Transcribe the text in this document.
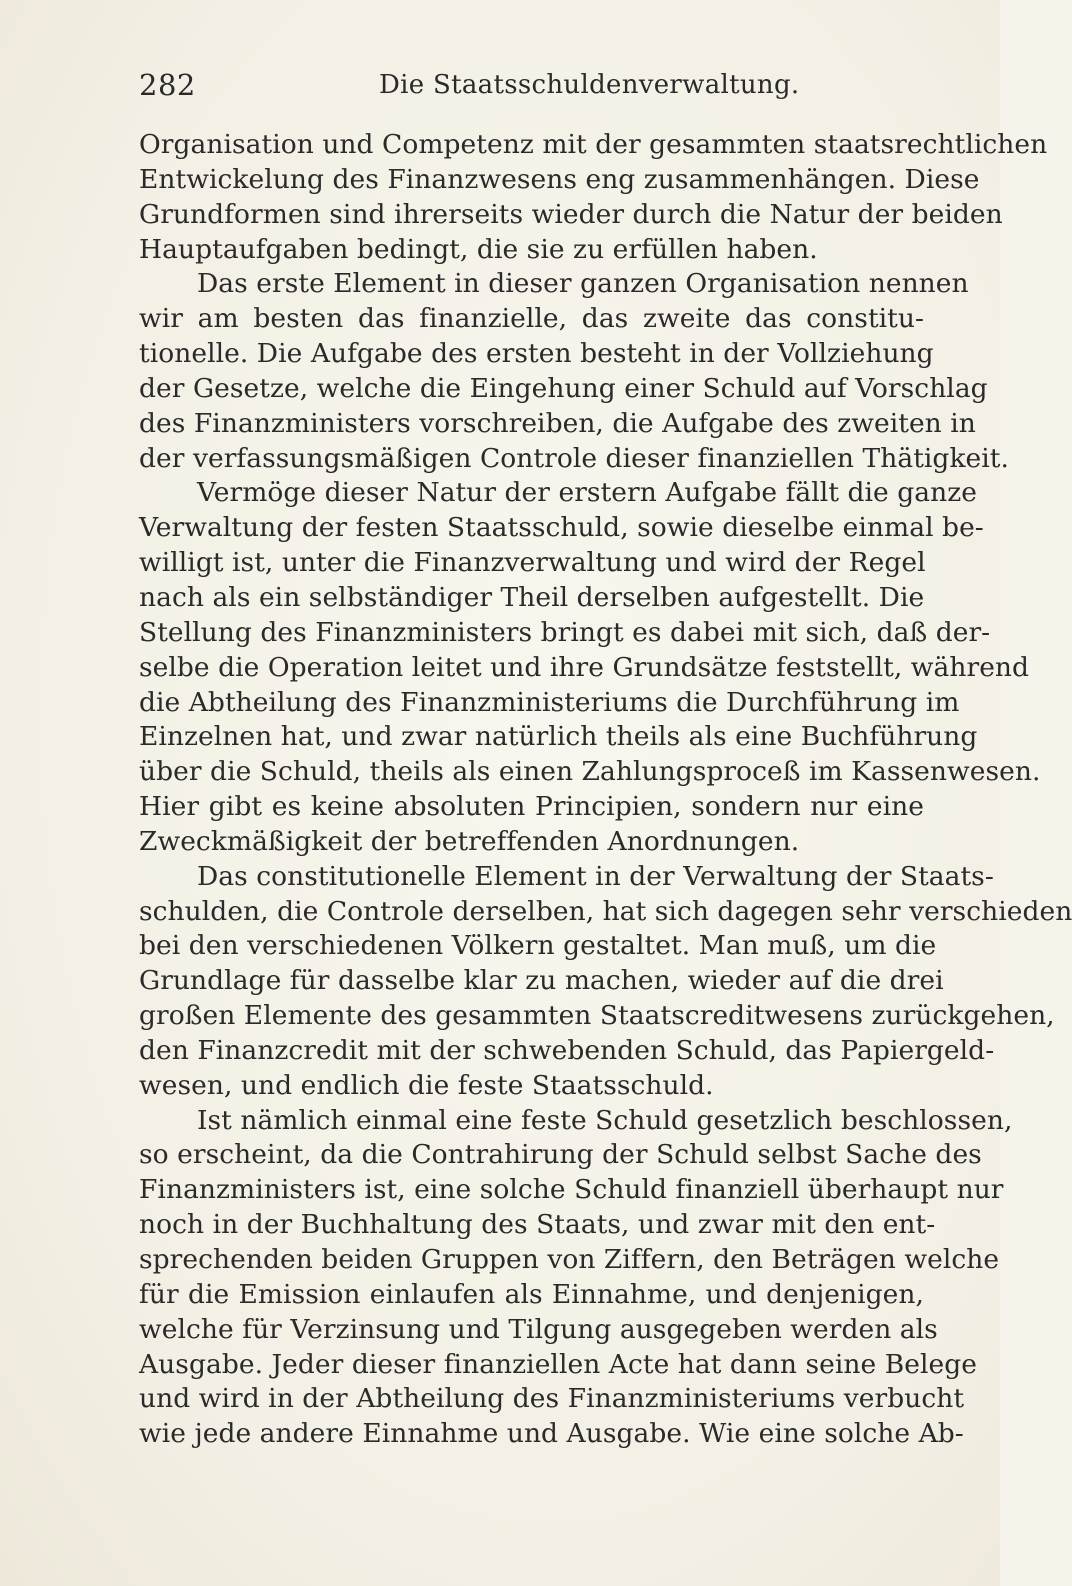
282	Die Staatsschuldenverwaltung.
Organisation und Competenz mit der gesammten staatsrechtlichen
Entwickelung des Finanzwesens eng zusammenhängen. Diese
Grundformen sind ihrerseits wieder durch die Natur der beiden
Hauptaufgaben bedingt, die sie zu erfüllen haben.
Das erste Element in dieser ganzen Organisation nennen
wir am besten das finanzielle, das zweite das constitu-
tionelle. Die Aufgabe des ersten besteht in der Vollziehung
der Gesetze, welche die Eingehung einer Schuld auf Vorschlag
des Finanzministers vorschreiben, die Aufgabe des zweiten in
der verfassungsmäßigen Controle dieser finanziellen Thätigkeit.
Vermöge dieser Natur der erstern Aufgabe fällt die ganze
Verwaltung der festen Staatsschuld, sowie dieselbe einmal be-
willigt ist, unter die Finanzverwaltung und wird der Regel
nach als ein selbständiger Theil derselben aufgestellt. Die
Stellung des Finanzministers bringt es dabei mit sich, daß der-
selbe die Operation leitet und ihre Grundsätze feststellt, während
die Abtheilung des Finanzministeriums die Durchführung im
Einzelnen hat, und zwar natürlich theils als eine Buchführung
über die Schuld, theils als einen Zahlungsproceß im Kassenwesen.
Hier gibt es keine absoluten Principien, sondern nur eine
Zweckmäßigkeit der betreffenden Anordnungen.
Das constitutionelle Element in der Verwaltung der Staats-
schulden, die Controle derselben, hat sich dagegen sehr verschieden
bei den verschiedenen Völkern gestaltet. Man muß, um die
Grundlage für dasselbe klar zu machen, wieder auf die drei
großen Elemente des gesammten Staatscreditwesens zurückgehen,
den Finanzcredit mit der schwebenden Schuld, das Papiergeld-
wesen, und endlich die feste Staatsschuld.
Ist nämlich einmal eine feste Schuld gesetzlich beschlossen,
so erscheint, da die Contrahirung der Schuld selbst Sache des
Finanzministers ist, eine solche Schuld finanziell überhaupt nur
noch in der Buchhaltung des Staats, und zwar mit den ent-
sprechenden beiden Gruppen von Ziffern, den Beträgen welche
für die Emission einlaufen als Einnahme, und denjenigen,
welche für Verzinsung und Tilgung ausgegeben werden als
Ausgabe. Jeder dieser finanziellen Acte hat dann seine Belege
und wird in der Abtheilung des Finanzministeriums verbucht
wie jede andere Einnahme und Ausgabe. Wie eine solche Ab-
